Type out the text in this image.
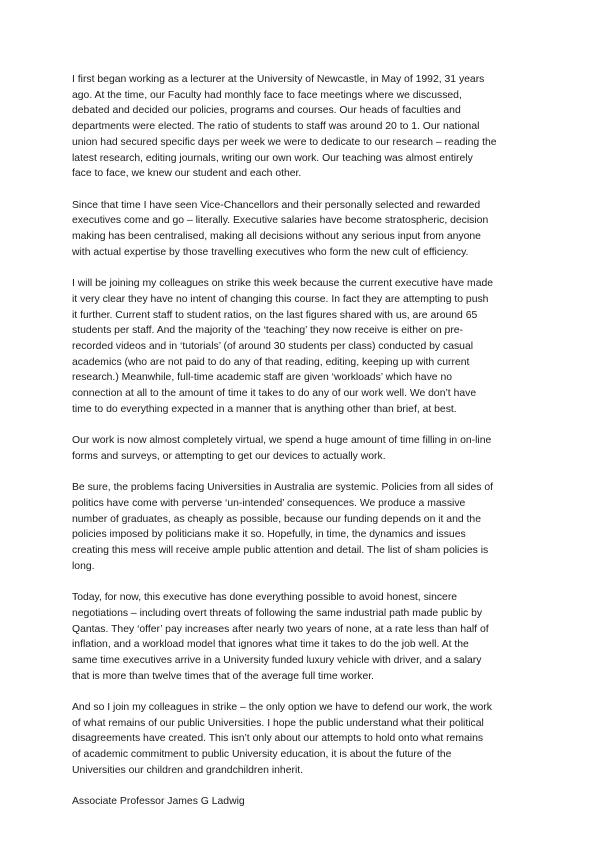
I first began working as a lecturer at the University of Newcastle, in May of 1992, 31 years
ago. At the time, our Faculty had monthly face to face meetings where we discussed,
debated and decided our policies, programs and courses. Our heads of faculties and
departments were elected. The ratio of students to staff was around 20 to 1. Our national
union had secured specific days per week we were to dedicate to our research – reading the
latest research, editing journals, writing our own work. Our teaching was almost entirely
face to face, we knew our student and each other.

Since that time I have seen Vice-Chancellors and their personally selected and rewarded
executives come and go – literally. Executive salaries have become stratospheric, decision
making has been centralised, making all decisions without any serious input from anyone
with actual expertise by those travelling executives who form the new cult of efficiency.

I will be joining my colleagues on strike this week because the current executive have made
it very clear they have no intent of changing this course. In fact they are attempting to push
it further. Current staff to student ratios, on the last figures shared with us, are around 65
students per staff. And the majority of the ‘teaching’ they now receive is either on pre-
recorded videos and in ‘tutorials’ (of around 30 students per class) conducted by casual
academics (who are not paid to do any of that reading, editing, keeping up with current
research.) Meanwhile, full-time academic staff are given ‘workloads’ which have no
connection at all to the amount of time it takes to do any of our work well. We don’t have
time to do everything expected in a manner that is anything other than brief, at best.

Our work is now almost completely virtual, we spend a huge amount of time filling in on-line
forms and surveys, or attempting to get our devices to actually work.

Be sure, the problems facing Universities in Australia are systemic. Policies from all sides of
politics have come with perverse ‘un-intended’ consequences. We produce a massive
number of graduates, as cheaply as possible, because our funding depends on it and the
policies imposed by politicians make it so. Hopefully, in time, the dynamics and issues
creating this mess will receive ample public attention and detail. The list of sham policies is
long.

Today, for now, this executive has done everything possible to avoid honest, sincere
negotiations – including overt threats of following the same industrial path made public by
Qantas. They ‘offer’ pay increases after nearly two years of none, at a rate less than half of
inflation, and a workload model that ignores what time it takes to do the job well. At the
same time executives arrive in a University funded luxury vehicle with driver, and a salary
that is more than twelve times that of the average full time worker.

And so I join my colleagues in strike – the only option we have to defend our work, the work
of what remains of our public Universities. I hope the public understand what their political
disagreements have created. This isn’t only about our attempts to hold onto what remains
of academic commitment to public University education, it is about the future of the
Universities our children and grandchildren inherit.

Associate Professor James G Ladwig
